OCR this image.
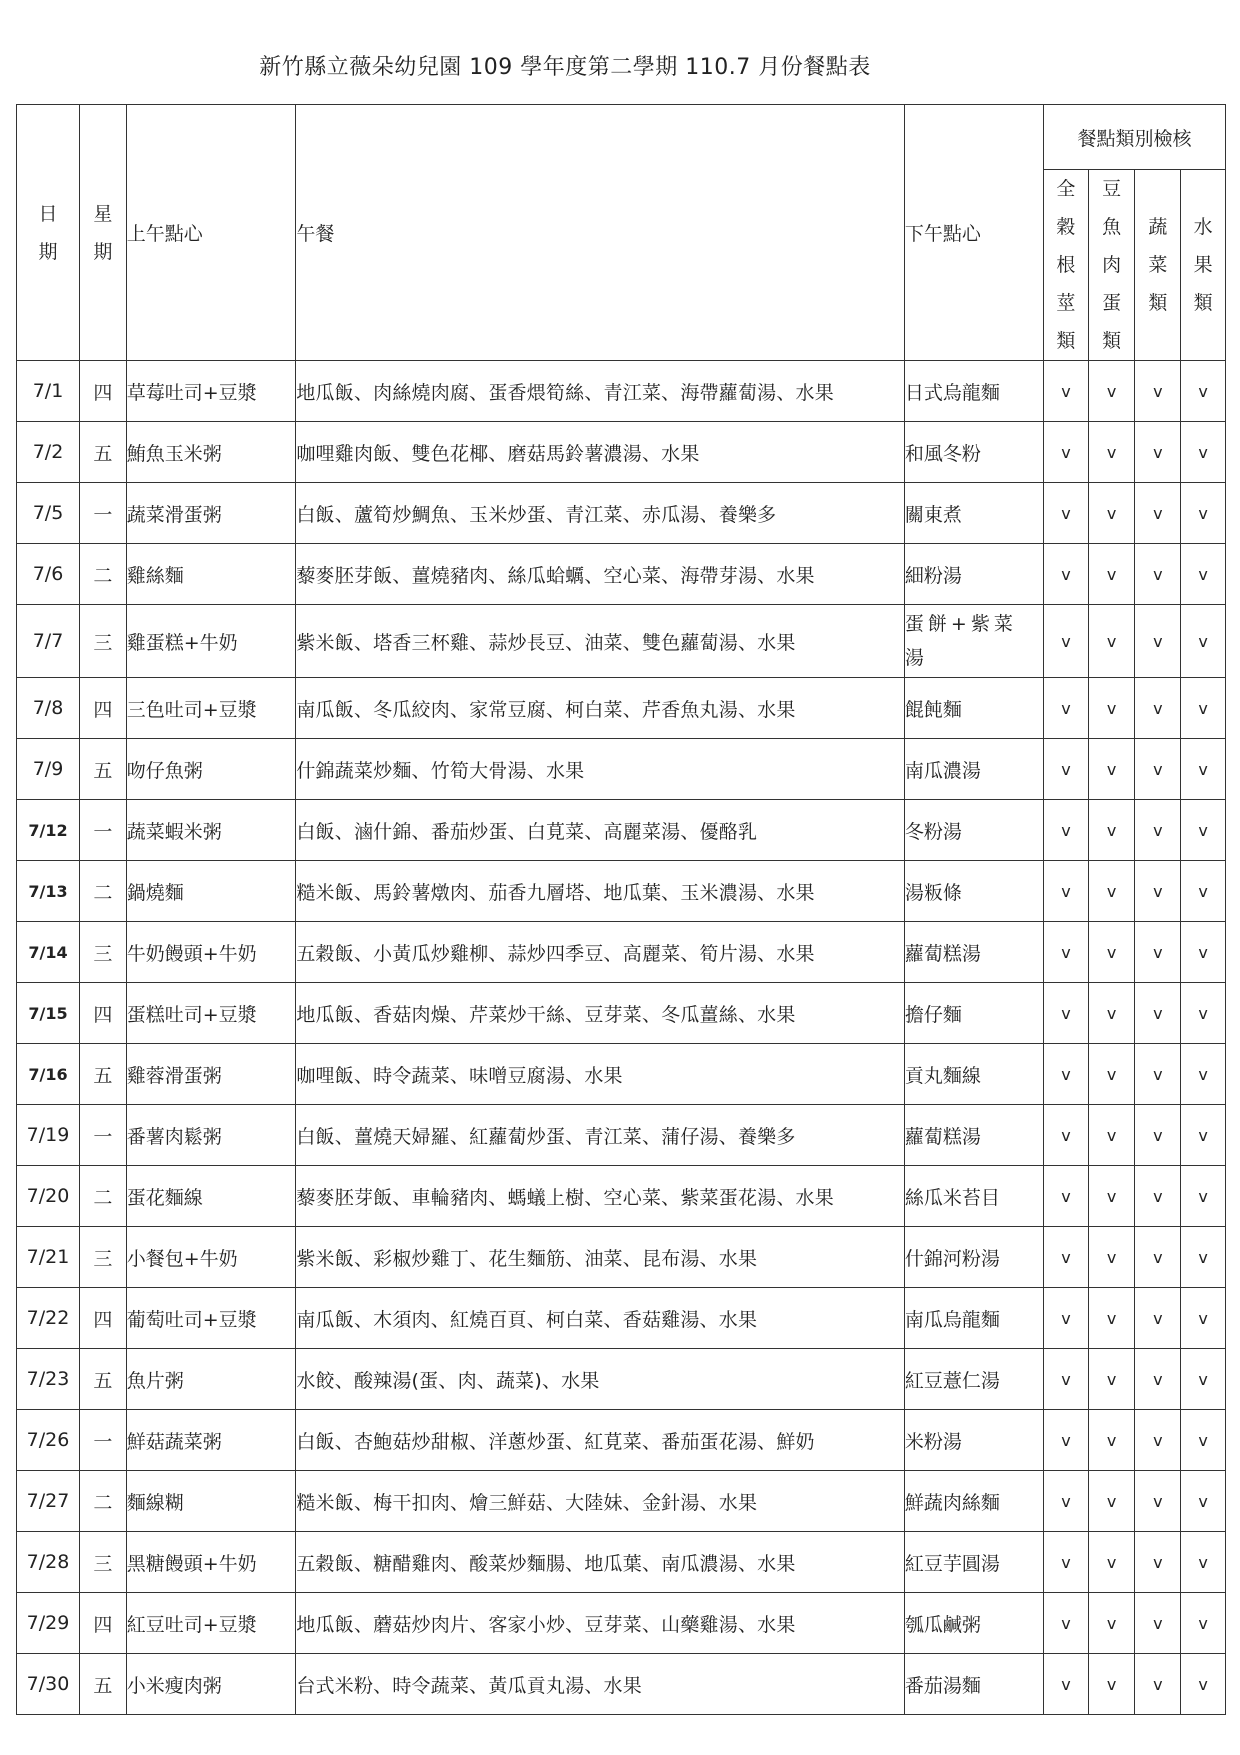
新竹縣立薇朵幼兒園 109 學年度第二學期 110.7 月份餐點表
日期	星期	上午點心	午餐	下午點心	餐點類別檢核			
					全穀根莖類	豆魚肉蛋類	蔬菜類	水果類
7/1	四	草莓吐司+豆漿	地瓜飯、肉絲燒肉腐、蛋香煨筍絲、青江菜、海帶蘿蔔湯、水果	日式烏龍麵	v	v	v	v
7/2	五	鮪魚玉米粥	咖哩雞肉飯、雙色花椰、磨菇馬鈴薯濃湯、水果	和風冬粉	v	v	v	v
7/5	一	蔬菜滑蛋粥	白飯、蘆筍炒鯛魚、玉米炒蛋、青江菜、赤瓜湯、養樂多	關東煮	v	v	v	v
7/6	二	雞絲麵	藜麥胚芽飯、薑燒豬肉、絲瓜蛤蠣、空心菜、海帶芽湯、水果	細粉湯	v	v	v	v
7/7	三	雞蛋糕+牛奶	紫米飯、塔香三杯雞、蒜炒長豆、油菜、雙色蘿蔔湯、水果	蛋餅+紫菜湯	v	v	v	v
7/8	四	三色吐司+豆漿	南瓜飯、冬瓜絞肉、家常豆腐、柯白菜、芹香魚丸湯、水果	餛飩麵	v	v	v	v
7/9	五	吻仔魚粥	什錦蔬菜炒麵、竹筍大骨湯、水果	南瓜濃湯	v	v	v	v
7/12	一	蔬菜蝦米粥	白飯、滷什錦、番茄炒蛋、白莧菜、高麗菜湯、優酪乳	冬粉湯	v	v	v	v
7/13	二	鍋燒麵	糙米飯、馬鈴薯燉肉、茄香九層塔、地瓜葉、玉米濃湯、水果	湯粄條	v	v	v	v
7/14	三	牛奶饅頭+牛奶	五穀飯、小黃瓜炒雞柳、蒜炒四季豆、高麗菜、筍片湯、水果	蘿蔔糕湯	v	v	v	v
7/15	四	蛋糕吐司+豆漿	地瓜飯、香菇肉燥、芹菜炒干絲、豆芽菜、冬瓜薑絲、水果	擔仔麵	v	v	v	v
7/16	五	雞蓉滑蛋粥	咖哩飯、時令蔬菜、味噌豆腐湯、水果	貢丸麵線	v	v	v	v
7/19	一	番薯肉鬆粥	白飯、薑燒天婦羅、紅蘿蔔炒蛋、青江菜、蒲仔湯、養樂多	蘿蔔糕湯	v	v	v	v
7/20	二	蛋花麵線	藜麥胚芽飯、車輪豬肉、螞蟻上樹、空心菜、紫菜蛋花湯、水果	絲瓜米苔目	v	v	v	v
7/21	三	小餐包+牛奶	紫米飯、彩椒炒雞丁、花生麵筋、油菜、昆布湯、水果	什錦河粉湯	v	v	v	v
7/22	四	葡萄吐司+豆漿	南瓜飯、木須肉、紅燒百頁、柯白菜、香菇雞湯、水果	南瓜烏龍麵	v	v	v	v
7/23	五	魚片粥	水餃、酸辣湯(蛋、肉、蔬菜)、水果	紅豆薏仁湯	v	v	v	v
7/26	一	鮮菇蔬菜粥	白飯、杏鮑菇炒甜椒、洋蔥炒蛋、紅莧菜、番茄蛋花湯、鮮奶	米粉湯	v	v	v	v
7/27	二	麵線糊	糙米飯、梅干扣肉、燴三鮮菇、大陸妹、金針湯、水果	鮮蔬肉絲麵	v	v	v	v
7/28	三	黑糖饅頭+牛奶	五穀飯、糖醋雞肉、酸菜炒麵腸、地瓜葉、南瓜濃湯、水果	紅豆芋圓湯	v	v	v	v
7/29	四	紅豆吐司+豆漿	地瓜飯、蘑菇炒肉片、客家小炒、豆芽菜、山藥雞湯、水果	瓠瓜鹹粥	v	v	v	v
7/30	五	小米瘦肉粥	台式米粉、時令蔬菜、黃瓜貢丸湯、水果	番茄湯麵	v	v	v	v
